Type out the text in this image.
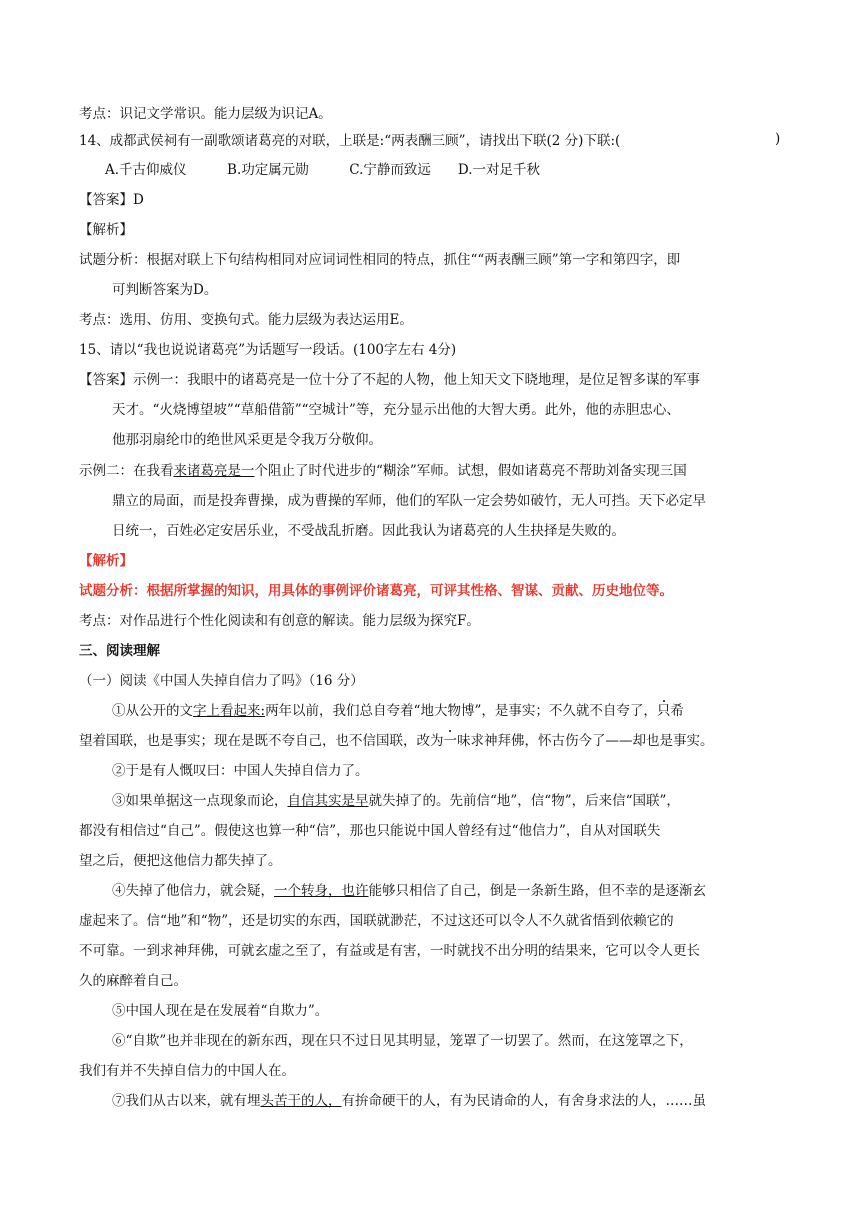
考点：识记文学常识。能力层级为识记A。
14、成都武侯祠有一副歌颂诸葛亮的对联，上联是:“两表酬三顾”，请找出下联(2 分)下联:(	)
A.千古仰威仪　　　B.功定属元勋　　　C.宁静而致远　　D.一对足千秋
【答案】D
【解析】
试题分析：根据对联上下句结构相同对应词词性相同的特点，抓住““两表酬三顾”第一字和第四字，即
可判断答案为D。
考点：选用、仿用、变换句式。能力层级为表达运用E。
15、请以“我也说说诸葛亮”为话题写一段话。(100字左右 4分)
【答案】示例一：我眼中的诸葛亮是一位十分了不起的人物，他上知天文下晓地理，是位足智多谋的军事
天才。“火烧博望坡”“草船借箭”“空城计”等，充分显示出他的大智大勇。此外，他的赤胆忠心、
他那羽扇纶巾的绝世风采更是令我万分敬仰。
示例二：在我看来诸葛亮是一个阻止了时代进步的“糊涂”军师。试想，假如诸葛亮不帮助刘备实现三国
鼎立的局面，而是投奔曹操，成为曹操的军师，他们的军队一定会势如破竹，无人可挡。天下必定早
日统一，百姓必定安居乐业，不受战乱折磨。因此我认为诸葛亮的人生抉择是失败的。
【解析】
试题分析：根据所掌握的知识，用具体的事例评价诸葛亮，可评其性格、智谋、贡献、历史地位等。
考点：对作品进行个性化阅读和有创意的解读。能力层级为探究F。
三、阅读理解
（一）阅读《中国人失掉自信力了吗》（16 分）
①从公开的文字上看起来:两年以前，我们总自夸着“地大物博”，是事实；不久就不自夸了，只希
望着国联，也是事实；现在是既不夸自己，也不信国联，改为一味求神拜佛，怀古伤今了——却也是事实。
②于是有人慨叹曰：中国人失掉自信力了。
③如果单据这一点现象而论，自信其实是早就失掉了的。先前信“地”，信“物”，后来信“国联”，
都没有相信过“自己”。假使这也算一种“信”，那也只能说中国人曾经有过“他信力”，自从对国联失
望之后，便把这他信力都失掉了。
④失掉了他信力，就会疑，一个转身，也许能够只相信了自己，倒是一条新生路，但不幸的是逐渐玄
虚起来了。信“地”和“物”，还是切实的东西，国联就渺茫，不过这还可以令人不久就省悟到依赖它的
不可靠。一到求神拜佛，可就玄虚之至了，有益或是有害，一时就找不出分明的结果来，它可以令人更长
久的麻醉着自己。
⑤中国人现在是在发展着“自欺力”。
⑥“自欺”也并非现在的新东西，现在只不过日见其明显，笼罩了一切罢了。然而，在这笼罩之下，
我们有并不失掉自信力的中国人在。
⑦我们从古以来，就有埋头苦干的人，有拚命硬干的人，有为民请命的人，有舍身求法的人，……虽
